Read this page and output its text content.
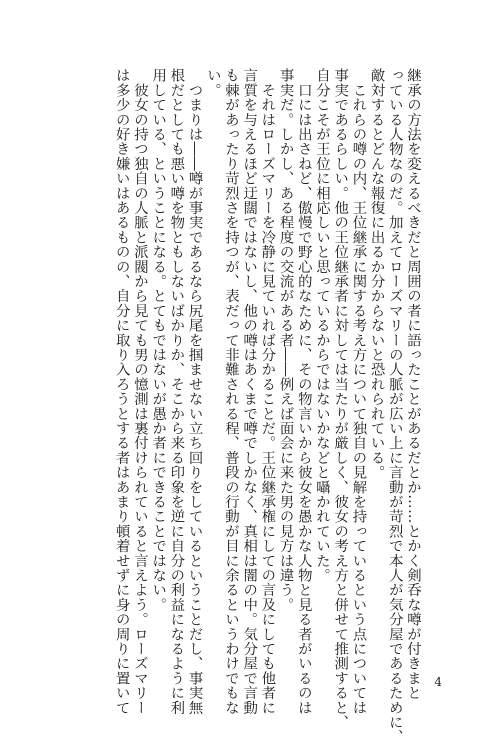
継承の方法を変えるべきだと周囲の者に語ったことがあるだとか……とかく剣呑な噂が付きまと
っている人物なのだ。加えてローズマリーの人脈が広い上に言動が苛烈で本人が気分屋であるために、
敵対するとどんな報復に出るか分からないと恐れられている。
　これらの噂の内、王位継承に関する考え方について独自の見解を持っているという点については
事実であるらしい。他の王位継承者に対しては当たりが厳しく、彼女の考え方と併せて推測すると、
自分こそが王位に相応しいと思っているからではないかなどと囁かれていた。
　口には出さねど、傲慢で野心的なために、その物言いから彼女を愚かな人物と見る者がいるのは
事実だ。しかし、ある程度の交流がある者――例えば面会に来た男の見方は違う。
　それはローズマリーを冷静に見ていれば分かることだ。王位継承権にしての言及にしても他者に
言質を与えるほど迂闊ではないし、他の噂はあくまで噂でしかなく、真相は闇の中。気分屋で言動
も棘があったり苛烈さを持つが、表だって非難される程、普段の行動が目に余るというわけでもな
い。
　つまりは――噂が事実であるなら尻尾を掴ませない立ち回りをしているということだし、事実無
根だとしても悪い噂を物ともしないばかりか、そこから来る印象を逆に自分の利益になるように利
用している、ということになる。とてもではないが愚か者にできることではない。
　彼女の持つ独自の人脈と派閥から見ても男の憶測は裏付けられていると言えよう。ローズマリー
は多少の好き嫌いはあるものの、自分に取り入ろうとする者はあまり頓着せずに身の周りに置いて	4
